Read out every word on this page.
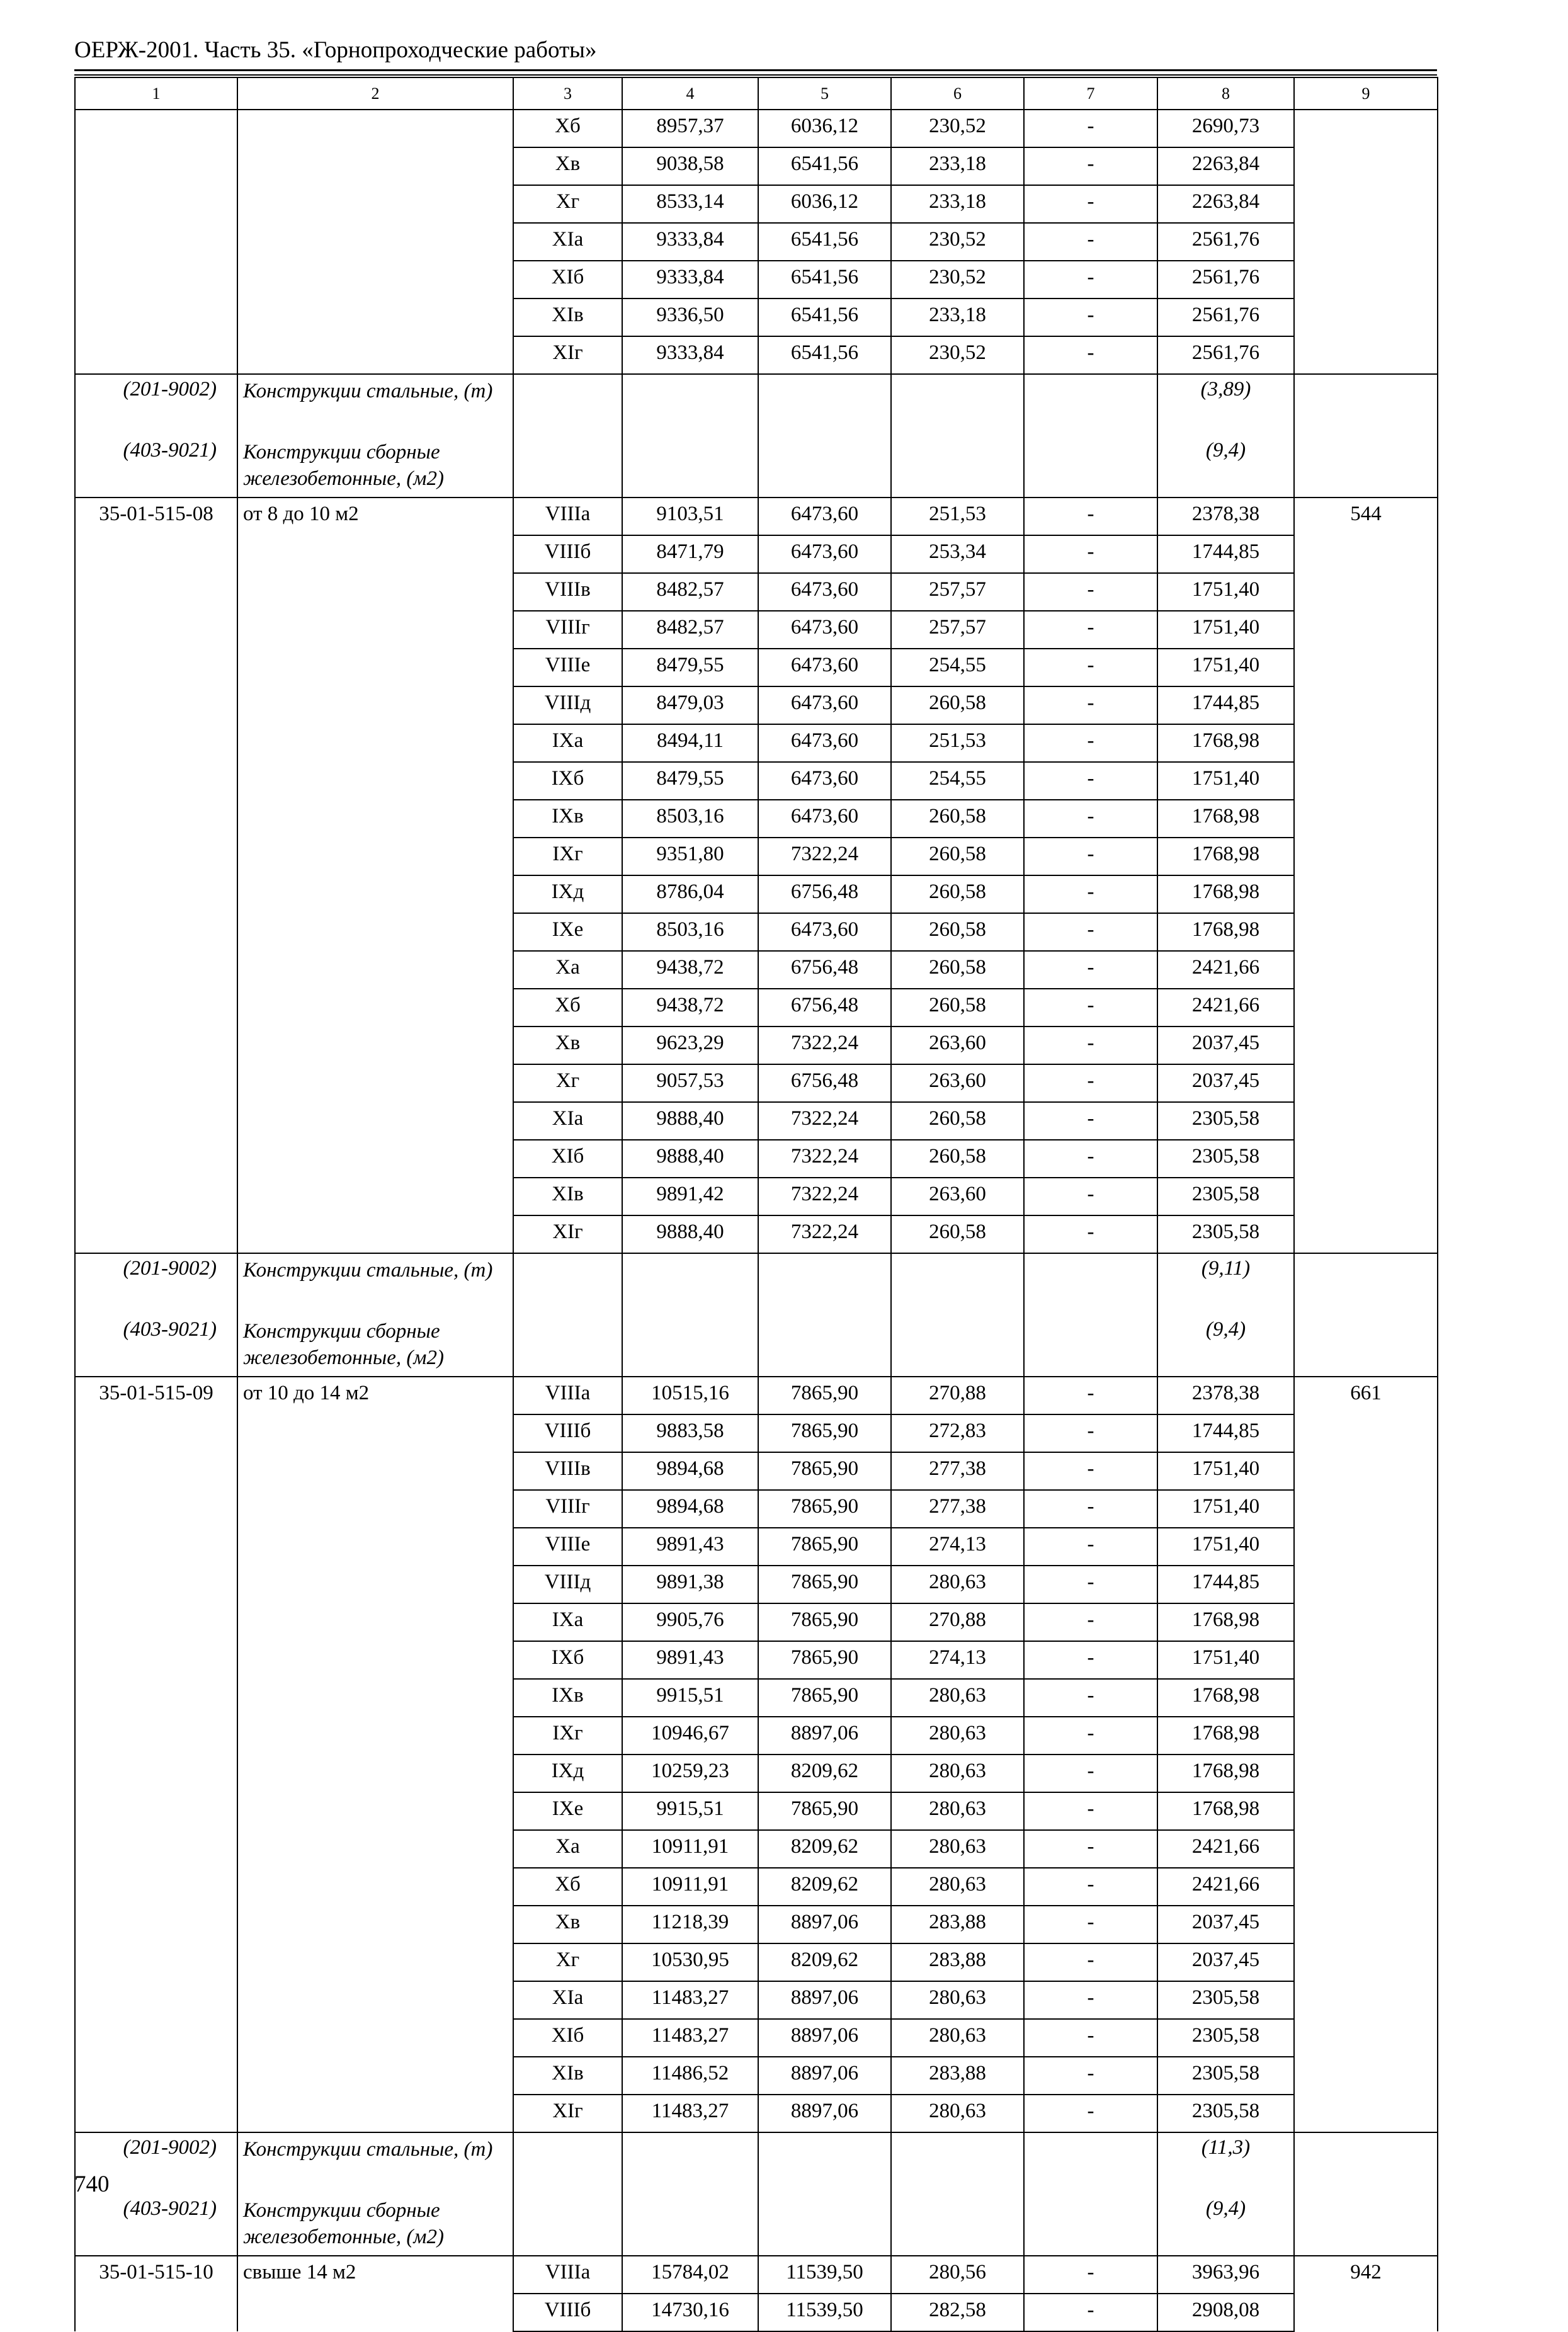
ОЕРЖ-2001. Часть 35. «Горнопроходческие работы»
1	2	3	4	5	6	7	8	9
		Xб	8957,37	6036,12	230,52	-	2690,73	
		Xв	9038,58	6541,56	233,18	-	2263,84	
		Xг	8533,14	6036,12	233,18	-	2263,84	
		XIa	9333,84	6541,56	230,52	-	2561,76	
		XIб	9333,84	6541,56	230,52	-	2561,76	
		XIв	9336,50	6541,56	233,18	-	2561,76	
		XIг	9333,84	6541,56	230,52	-	2561,76	
(201-9002)	Конструкции стальные, (т)						(3,89)	
(403-9021)	Конструкции сборные железобетонные, (м2)						(9,4)	
35-01-515-08	от 8 до 10 м2	VIIIa	9103,51	6473,60	251,53	-	2378,38	544
		VIIIб	8471,79	6473,60	253,34	-	1744,85	
		VIIIв	8482,57	6473,60	257,57	-	1751,40	
		VIIIг	8482,57	6473,60	257,57	-	1751,40	
		VIIIe	8479,55	6473,60	254,55	-	1751,40	
		VIIIд	8479,03	6473,60	260,58	-	1744,85	
		IXa	8494,11	6473,60	251,53	-	1768,98	
		IXб	8479,55	6473,60	254,55	-	1751,40	
		IXв	8503,16	6473,60	260,58	-	1768,98	
		IXг	9351,80	7322,24	260,58	-	1768,98	
		IXд	8786,04	6756,48	260,58	-	1768,98	
		IXe	8503,16	6473,60	260,58	-	1768,98	
		Xa	9438,72	6756,48	260,58	-	2421,66	
		Xб	9438,72	6756,48	260,58	-	2421,66	
		Xв	9623,29	7322,24	263,60	-	2037,45	
		Xг	9057,53	6756,48	263,60	-	2037,45	
		XIa	9888,40	7322,24	260,58	-	2305,58	
		XIб	9888,40	7322,24	260,58	-	2305,58	
		XIв	9891,42	7322,24	263,60	-	2305,58	
		XIг	9888,40	7322,24	260,58	-	2305,58	
(201-9002)	Конструкции стальные, (т)						(9,11)	
(403-9021)	Конструкции сборные железобетонные, (м2)						(9,4)	
35-01-515-09	от 10 до 14 м2	VIIIa	10515,16	7865,90	270,88	-	2378,38	661
		VIIIб	9883,58	7865,90	272,83	-	1744,85	
		VIIIв	9894,68	7865,90	277,38	-	1751,40	
		VIIIг	9894,68	7865,90	277,38	-	1751,40	
		VIIIe	9891,43	7865,90	274,13	-	1751,40	
		VIIIд	9891,38	7865,90	280,63	-	1744,85	
		IXa	9905,76	7865,90	270,88	-	1768,98	
		IXб	9891,43	7865,90	274,13	-	1751,40	
		IXв	9915,51	7865,90	280,63	-	1768,98	
		IXг	10946,67	8897,06	280,63	-	1768,98	
		IXд	10259,23	8209,62	280,63	-	1768,98	
		IXe	9915,51	7865,90	280,63	-	1768,98	
		Xa	10911,91	8209,62	280,63	-	2421,66	
		Xб	10911,91	8209,62	280,63	-	2421,66	
		Xв	11218,39	8897,06	283,88	-	2037,45	
		Xг	10530,95	8209,62	283,88	-	2037,45	
		XIa	11483,27	8897,06	280,63	-	2305,58	
		XIб	11483,27	8897,06	280,63	-	2305,58	
		XIв	11486,52	8897,06	283,88	-	2305,58	
		XIг	11483,27	8897,06	280,63	-	2305,58	
(201-9002)	Конструкции стальные, (т)						(11,3)	
(403-9021)	Конструкции сборные железобетонные, (м2)						(9,4)	
35-01-515-10	свыше 14 м2	VIIIa	15784,02	11539,50	280,56	-	3963,96	942
		VIIIб	14730,16	11539,50	282,58	-	2908,08	
740
